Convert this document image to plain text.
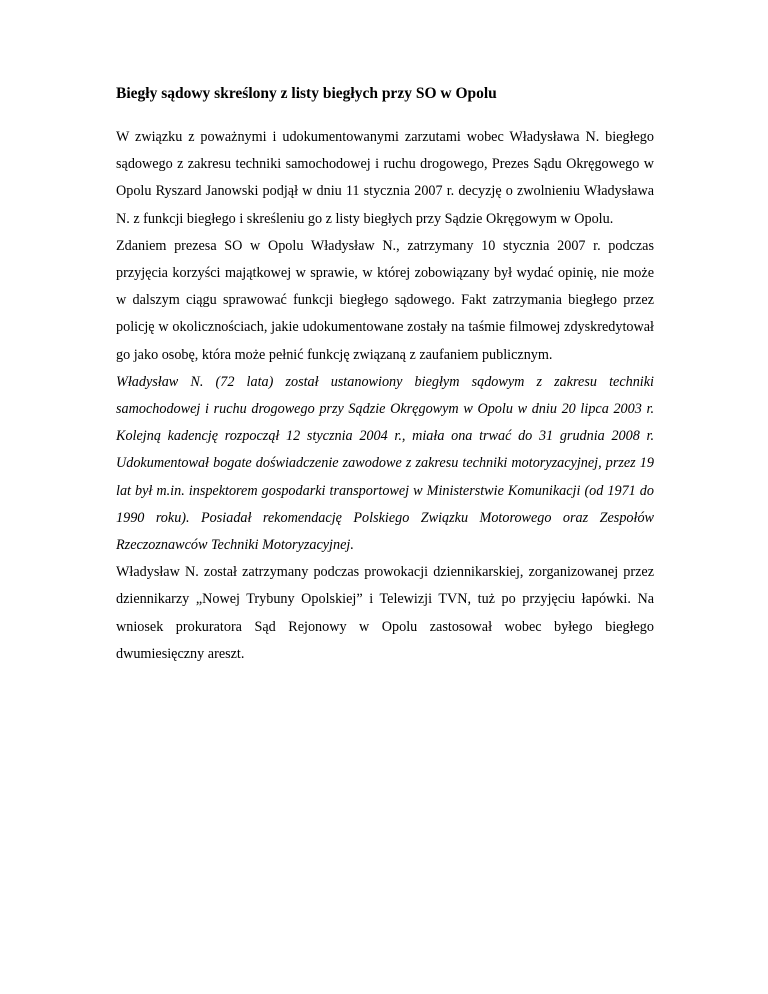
Biegły sądowy skreślony z listy biegłych przy SO w Opolu

W związku z poważnymi i udokumentowanymi zarzutami wobec Władysława N. biegłego sądowego z zakresu techniki samochodowej i ruchu drogowego, Prezes Sądu Okręgowego w Opolu Ryszard Janowski podjął w dniu 11 stycznia 2007 r. decyzję o zwolnieniu Władysława N. z funkcji biegłego i skreśleniu go z listy biegłych przy Sądzie Okręgowym w Opolu.

Zdaniem prezesa SO w Opolu Władysław N., zatrzymany 10 stycznia 2007 r. podczas przyjęcia korzyści majątkowej w sprawie, w której zobowiązany był wydać opinię, nie może w dalszym ciągu sprawować funkcji biegłego sądowego. Fakt zatrzymania biegłego przez policję w okolicznościach, jakie udokumentowane zostały na taśmie filmowej zdyskredytował go jako osobę, która może pełnić funkcję związaną z zaufaniem publicznym.

Władysław N. (72 lata) został ustanowiony biegłym sądowym z zakresu techniki samochodowej i ruchu drogowego przy Sądzie Okręgowym w Opolu w dniu 20 lipca 2003 r. Kolejną kadencję rozpoczął 12 stycznia 2004 r., miała ona trwać do 31 grudnia 2008 r. Udokumentował bogate doświadczenie zawodowe z zakresu techniki motoryzacyjnej, przez 19 lat był m.in. inspektorem gospodarki transportowej w Ministerstwie Komunikacji (od 1971 do 1990 roku). Posiadał rekomendację Polskiego Związku Motorowego oraz Zespołów Rzeczoznawców Techniki Motoryzacyjnej.

Władysław N. został zatrzymany podczas prowokacji dziennikarskiej, zorganizowanej przez dziennikarzy „Nowej Trybuny Opolskiej” i Telewizji TVN, tuż po przyjęciu łapówki. Na wniosek prokuratora Sąd Rejonowy w Opolu zastosował wobec byłego biegłego dwumiesięczny areszt.
